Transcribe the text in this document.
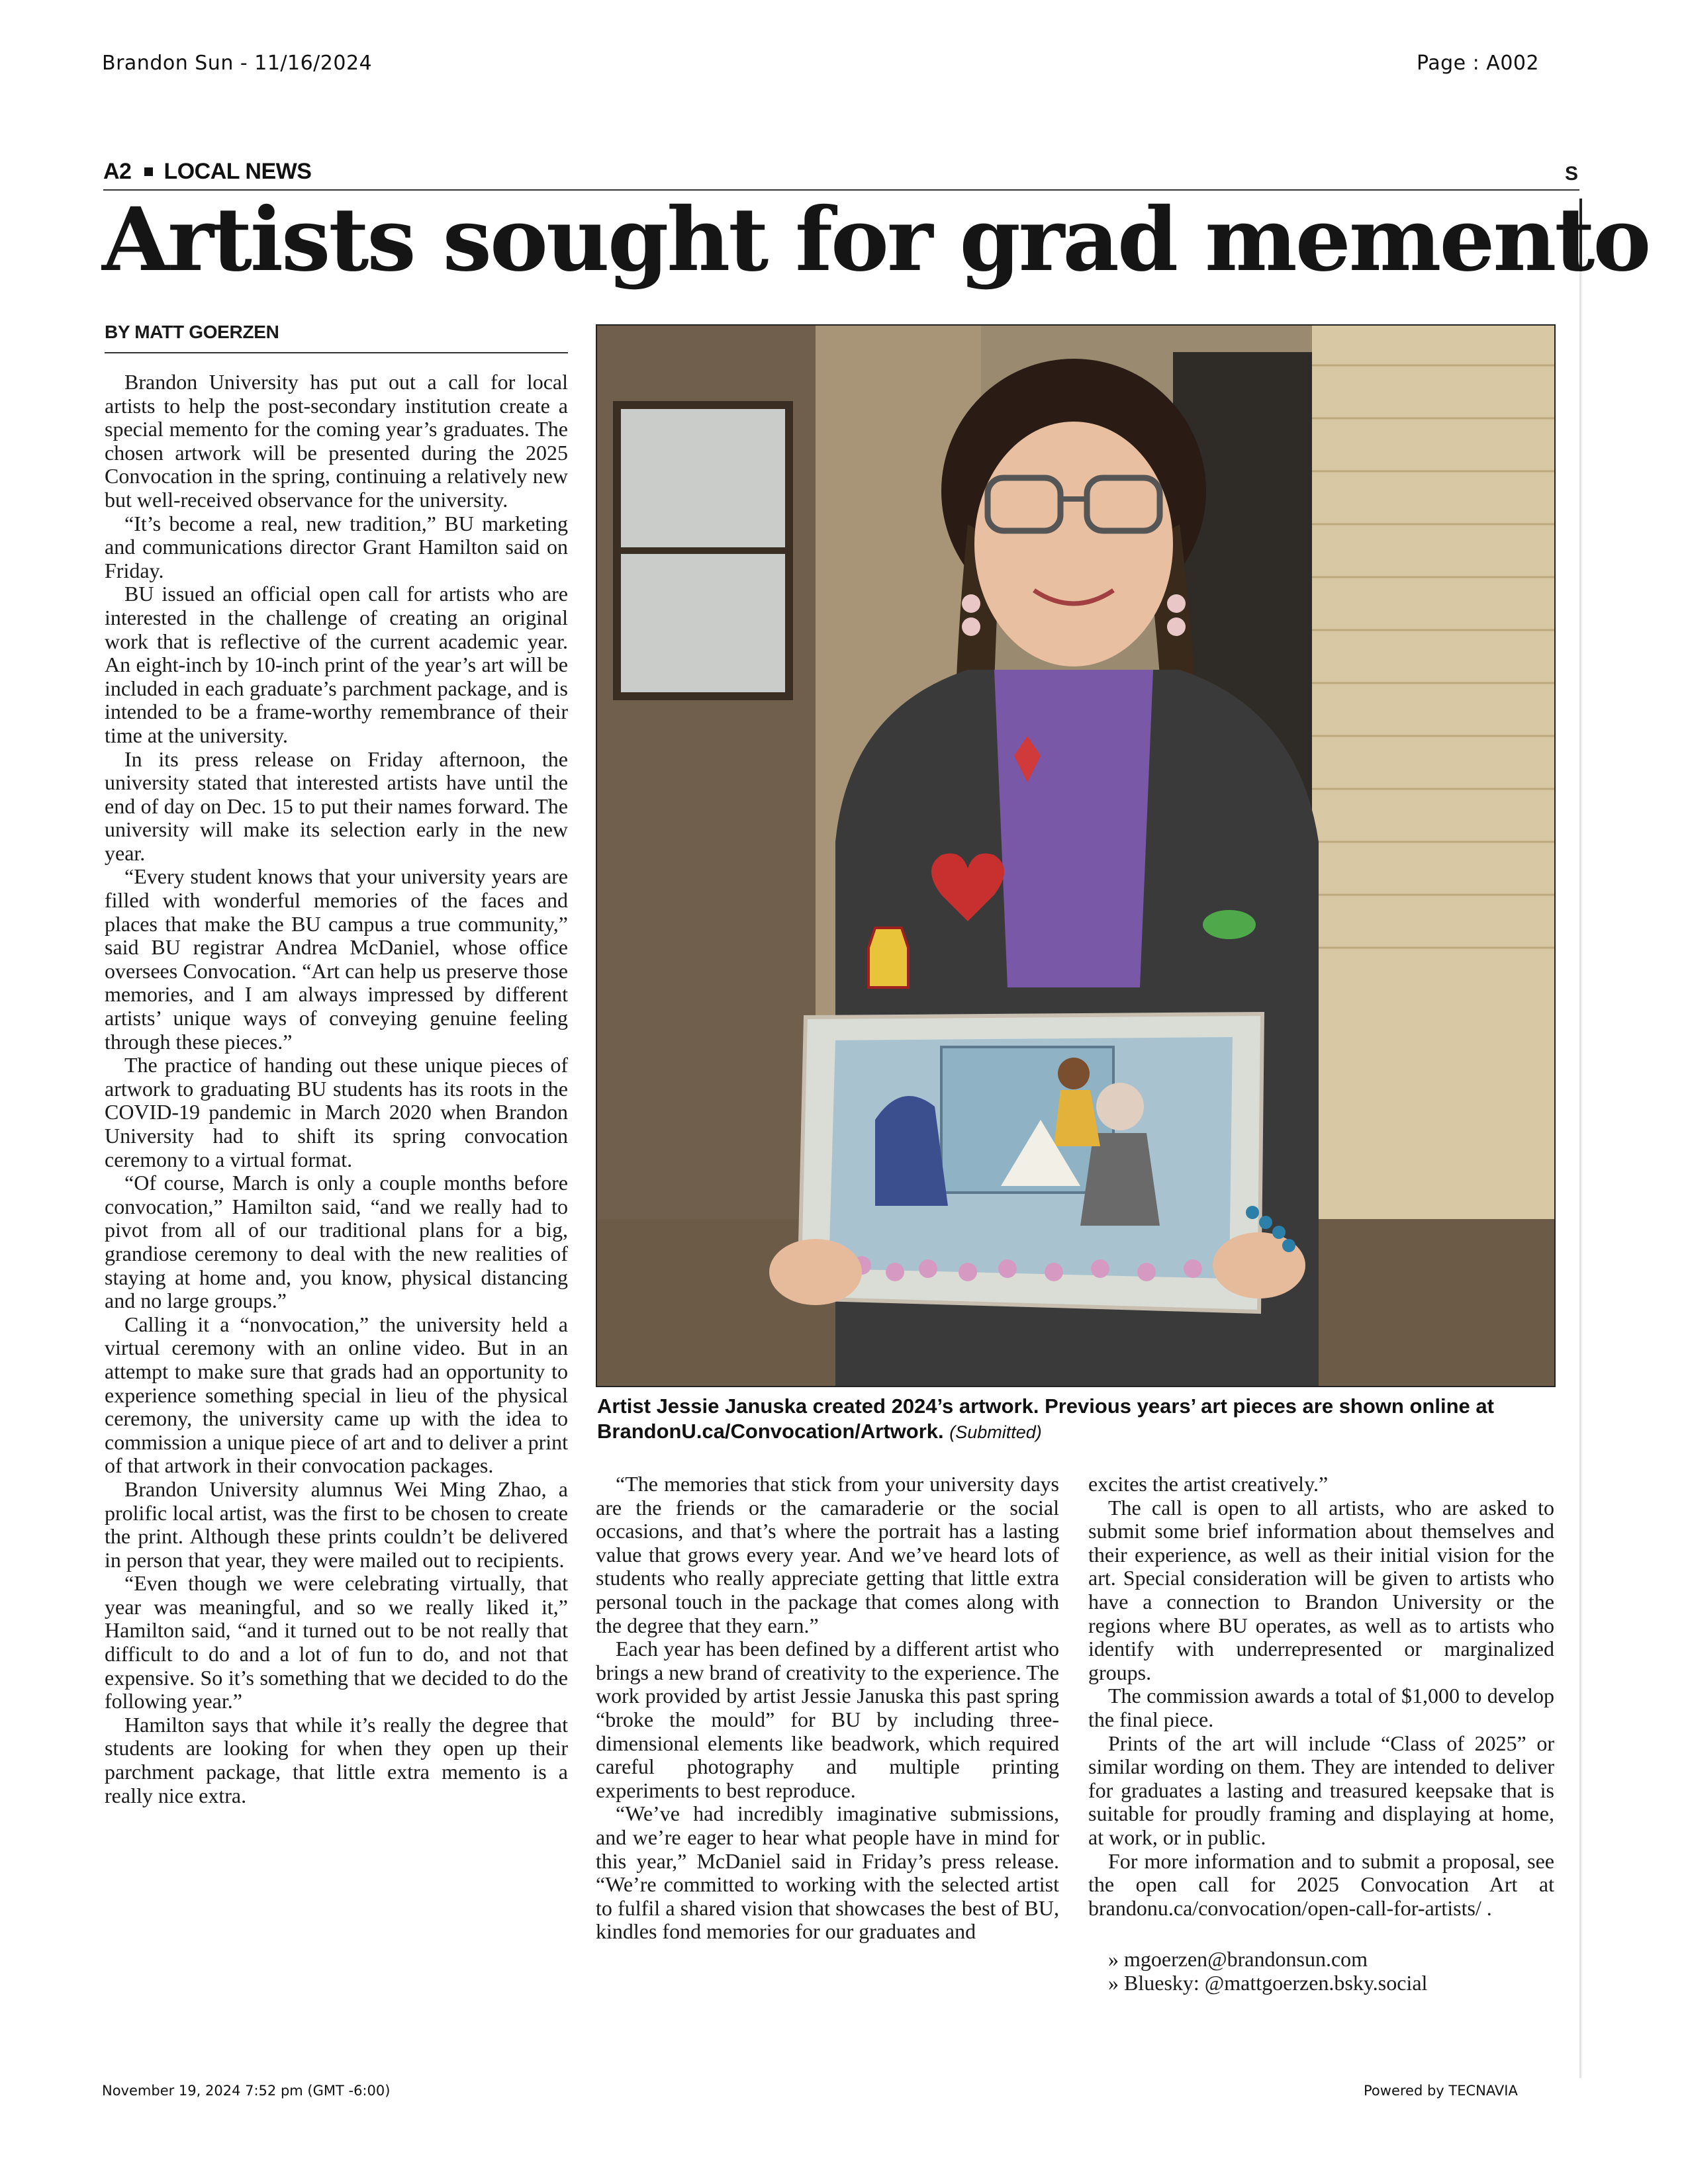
Brandon Sun - 11/16/2024	Page : A002
A2 LOCAL NEWS	S
Artists sought for grad memento
BY MATT GOERZEN

Brandon University has put out a call for local artists to help the post-secondary institution create a special memento for the coming year’s graduates. The chosen artwork will be presented during the 2025 Convocation in the spring, continuing a relatively new but well-received observance for the university.

“It’s become a real, new tradition,” BU marketing and communications director Grant Hamilton said on Friday.

BU issued an official open call for artists who are interested in the challenge of creating an original work that is reflective of the current academic year. An eight-inch by 10-inch print of the year’s art will be included in each graduate’s parchment package, and is intended to be a frame-worthy remembrance of their time at the university.

In its press release on Friday afternoon, the university stated that interested artists have until the end of day on Dec. 15 to put their names forward. The university will make its selection early in the new year.

“Every student knows that your university years are filled with wonderful memories of the faces and places that make the BU campus a true community,” said BU registrar Andrea McDaniel, whose office oversees Convocation. “Art can help us preserve those memories, and I am always impressed by different artists’ unique ways of conveying genuine feeling through these pieces.”

The practice of handing out these unique pieces of artwork to graduating BU students has its roots in the COVID-19 pandemic in March 2020 when Brandon University had to shift its spring convocation ceremony to a virtual format.

“Of course, March is only a couple months before convocation,” Hamilton said, “and we really had to pivot from all of our traditional plans for a big, grandiose ceremony to deal with the new realities of staying at home and, you know, physical distancing and no large groups.”

Calling it a “nonvocation,” the university held a virtual ceremony with an online video. But in an attempt to make sure that grads had an opportunity to experience something special in lieu of the physical ceremony, the university came up with the idea to commission a unique piece of art and to deliver a print of that artwork in their convocation packages.

Brandon University alumnus Wei Ming Zhao, a prolific local artist, was the first to be chosen to create the print. Although these prints couldn’t be delivered in person that year, they were mailed out to recipients.

“Even though we were celebrating virtually, that year was meaningful, and so we really liked it,” Hamilton said, “and it turned out to be not really that difficult to do and a lot of fun to do, and not that expensive. So it’s something that we decided to do the following year.”

Hamilton says that while it’s really the degree that students are looking for when they open up their parchment package, that little extra memento is a really nice extra.

Artist Jessie Januska created 2024’s artwork. Previous years’ art pieces are shown online at BrandonU.ca/Convocation/Artwork. (Submitted)

“The memories that stick from your university days are the friends or the camaraderie or the social occasions, and that’s where the portrait has a lasting value that grows every year. And we’ve heard lots of students who really appreciate getting that little extra personal touch in the package that comes along with the degree that they earn.”

Each year has been defined by a different artist who brings a new brand of creativity to the experience. The work provided by artist Jessie Januska this past spring “broke the mould” for BU by including three-dimensional elements like beadwork, which required careful photography and multiple printing experiments to best reproduce.

“We’ve had incredibly imaginative submissions, and we’re eager to hear what people have in mind for this year,” McDaniel said in Friday’s press release. “We’re committed to working with the selected artist to fulfil a shared vision that showcases the best of BU, kindles fond memories for our graduates and

excites the artist creatively.”

The call is open to all artists, who are asked to submit some brief information about themselves and their experience, as well as their initial vision for the art. Special consideration will be given to artists who have a connection to Brandon University or the regions where BU operates, as well as to artists who identify with underrepresented or marginalized groups.

The commission awards a total of $1,000 to develop the final piece.

Prints of the art will include “Class of 2025” or similar wording on them. They are intended to deliver for graduates a lasting and treasured keepsake that is suitable for proudly framing and displaying at home, at work, or in public.

For more information and to submit a proposal, see the open call for 2025 Convocation Art at brandonu.ca/convocation/open-call-for-artists/ .

» mgoerzen@brandonsun.com

» Bluesky: @mattgoerzen.bsky.social

November 19, 2024 7:52 pm (GMT -6:00)	Powered by TECNAVIA
